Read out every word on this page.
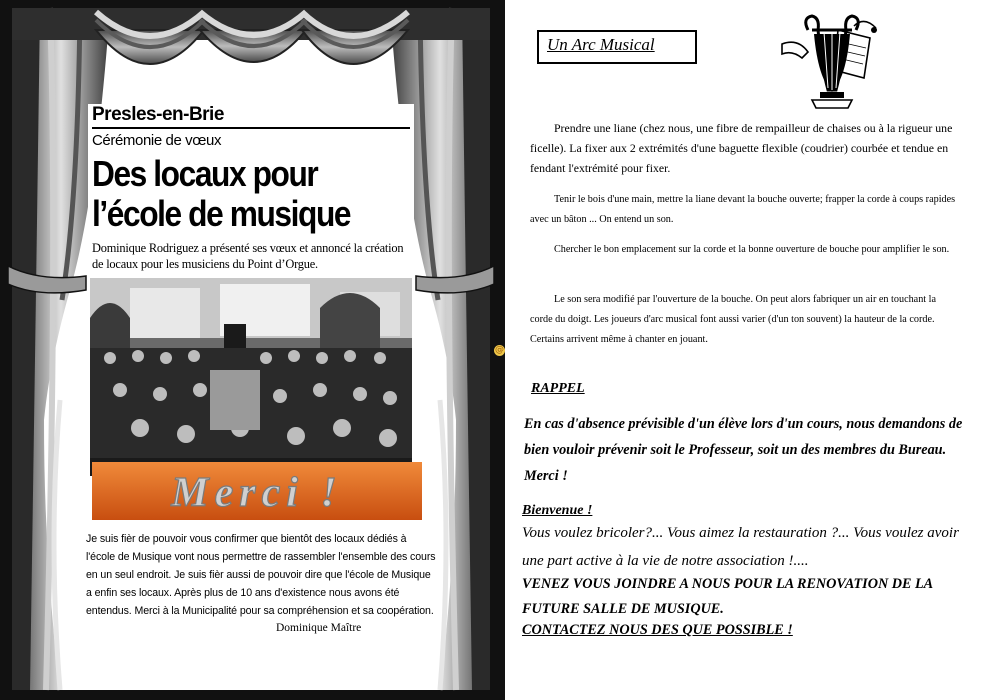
Presles-en-Brie
Cérémonie de vœux
Des locaux pour
l’école de musique
Dominique Rodriguez a présenté ses vœux et annoncé la création de locaux pour les musiciens du Point d’Orgue.
Merci !
Je suis fièr de pouvoir vous confirmer que bientôt des locaux dédiés à l'école de Musique vont nous permettre de rassembler l'ensemble des cours en un seul endroit. Je suis fièr aussi de pouvoir dire que l'école de Musique a enfin ses locaux. Après plus de 10 ans d'existence nous avons été entendus. Merci à la Municipalité pour sa compréhension et sa coopération.
Dominique Maître
@
Un Arc Musical
Prendre une liane (chez nous, une fibre de rempailleur de chaises ou à la rigueur une ficelle). La fixer aux 2 extrémités d'une baguette flexible (coudrier) courbée et tendue en fendant l'extrémité pour fixer.
Tenir le bois d'une main, mettre la liane devant la bouche ouverte; frapper la corde à coups rapides avec un bâton ... On entend un son.
Chercher le bon emplacement sur la corde et la bonne ouverture de bouche pour amplifier le son.
Le son sera modifié par l'ouverture de la bouche. On peut alors fabriquer un air en touchant la corde du doigt. Les joueurs d'arc musical font aussi varier (d'un ton souvent) la hauteur de la corde. Certains arrivent même à chanter en jouant.
RAPPEL
En cas d'absence prévisible d'un élève lors d'un cours, nous demandons de bien vouloir prévenir soit le Professeur, soit un des membres du Bureau. Merci !
Bienvenue !
Vous voulez bricoler?... Vous aimez la restauration ?... Vous voulez avoir une part active à la vie de notre association !....
VENEZ VOUS JOINDRE A NOUS POUR LA RENOVATION DE LA FUTURE SALLE DE MUSIQUE.
CONTACTEZ NOUS DES QUE POSSIBLE !
